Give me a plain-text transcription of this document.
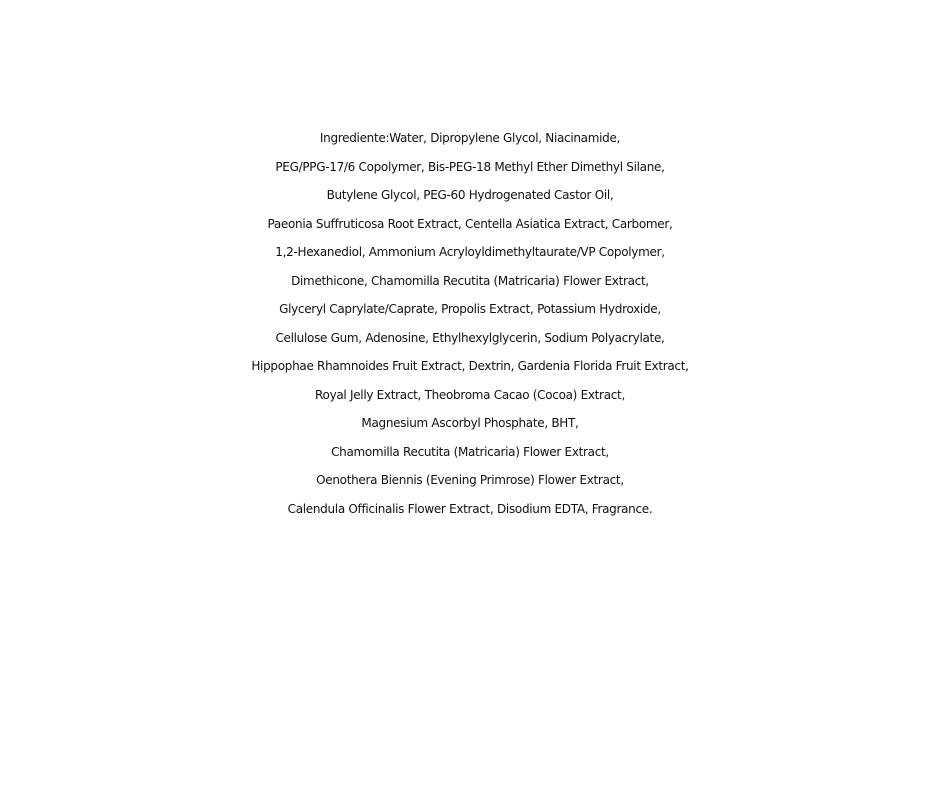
Ingrediente:Water, Dipropylene Glycol, Niacinamide,
PEG/PPG-17/6 Copolymer, Bis-PEG-18 Methyl Ether Dimethyl Silane,
Butylene Glycol, PEG-60 Hydrogenated Castor Oil,
Paeonia Suffruticosa Root Extract, Centella Asiatica Extract, Carbomer,
1,2-Hexanediol, Ammonium Acryloyldimethyltaurate/VP Copolymer,
Dimethicone, Chamomilla Recutita (Matricaria) Flower Extract,
Glyceryl Caprylate/Caprate, Propolis Extract, Potassium Hydroxide,
Cellulose Gum, Adenosine, Ethylhexylglycerin, Sodium Polyacrylate,
Hippophae Rhamnoides Fruit Extract, Dextrin, Gardenia Florida Fruit Extract,
Royal Jelly Extract, Theobroma Cacao (Cocoa) Extract,
Magnesium Ascorbyl Phosphate, BHT,
Chamomilla Recutita (Matricaria) Flower Extract,
Oenothera Biennis (Evening Primrose) Flower Extract,
Calendula Officinalis Flower Extract, Disodium EDTA, Fragrance.
